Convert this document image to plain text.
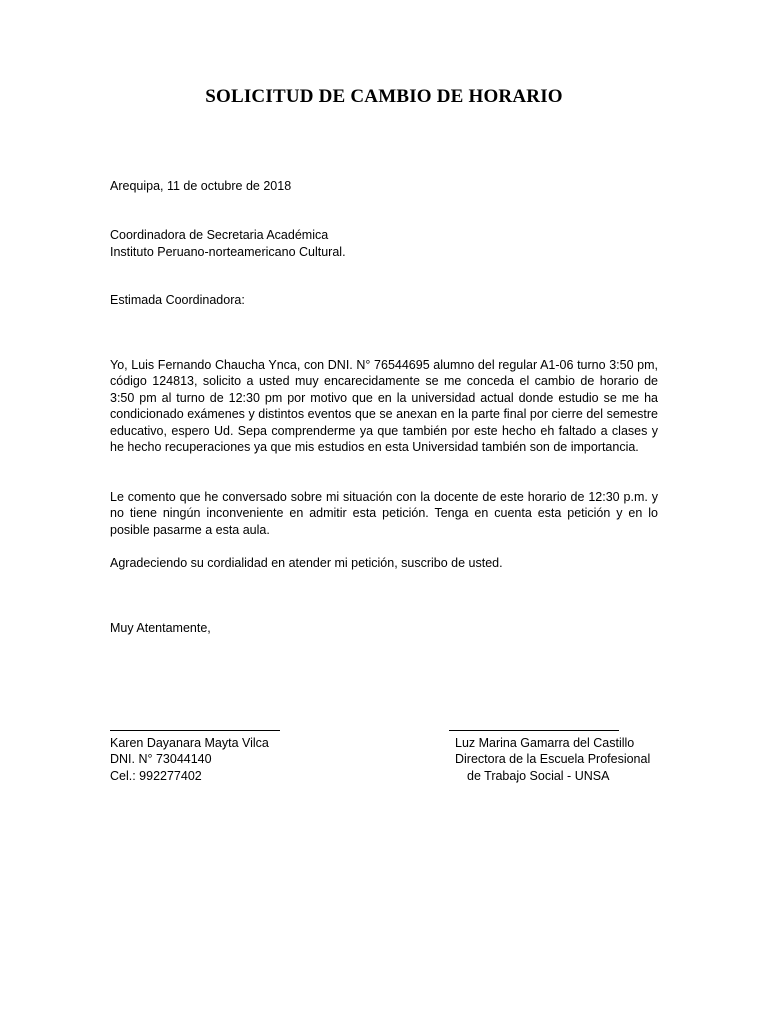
SOLICITUD DE CAMBIO DE HORARIO

Arequipa, 11 de octubre de 2018

Coordinadora de Secretaria Académica

Instituto Peruano-norteamericano Cultural.

Estimada Coordinadora:

Yo, Luis Fernando Chaucha Ynca, con DNI. N° 76544695 alumno del regular A1-06 turno 3:50 pm, código 124813, solicito a usted muy encarecidamente se me conceda el cambio de horario de 3:50 pm al turno de 12:30 pm por motivo que en la universidad actual donde estudio se me ha condicionado exámenes y distintos eventos que se anexan en la parte final por cierre del semestre educativo, espero Ud. Sepa comprenderme ya que también por este hecho eh faltado a clases y he hecho recuperaciones ya que mis estudios en esta Universidad también son de importancia.

Le comento que he conversado sobre mi situación con la docente de este horario de 12:30 p.m. y no tiene ningún inconveniente en admitir esta petición. Tenga en cuenta esta petición y en lo posible pasarme a esta aula.

Agradeciendo su cordialidad en atender mi petición, suscribo de usted.

Muy Atentamente,

Karen Dayanara Mayta Vilca
DNI. N° 73044140
Cel.: 992277402
Luz Marina Gamarra del Castillo
Directora de la Escuela Profesional
de Trabajo Social - UNSA
